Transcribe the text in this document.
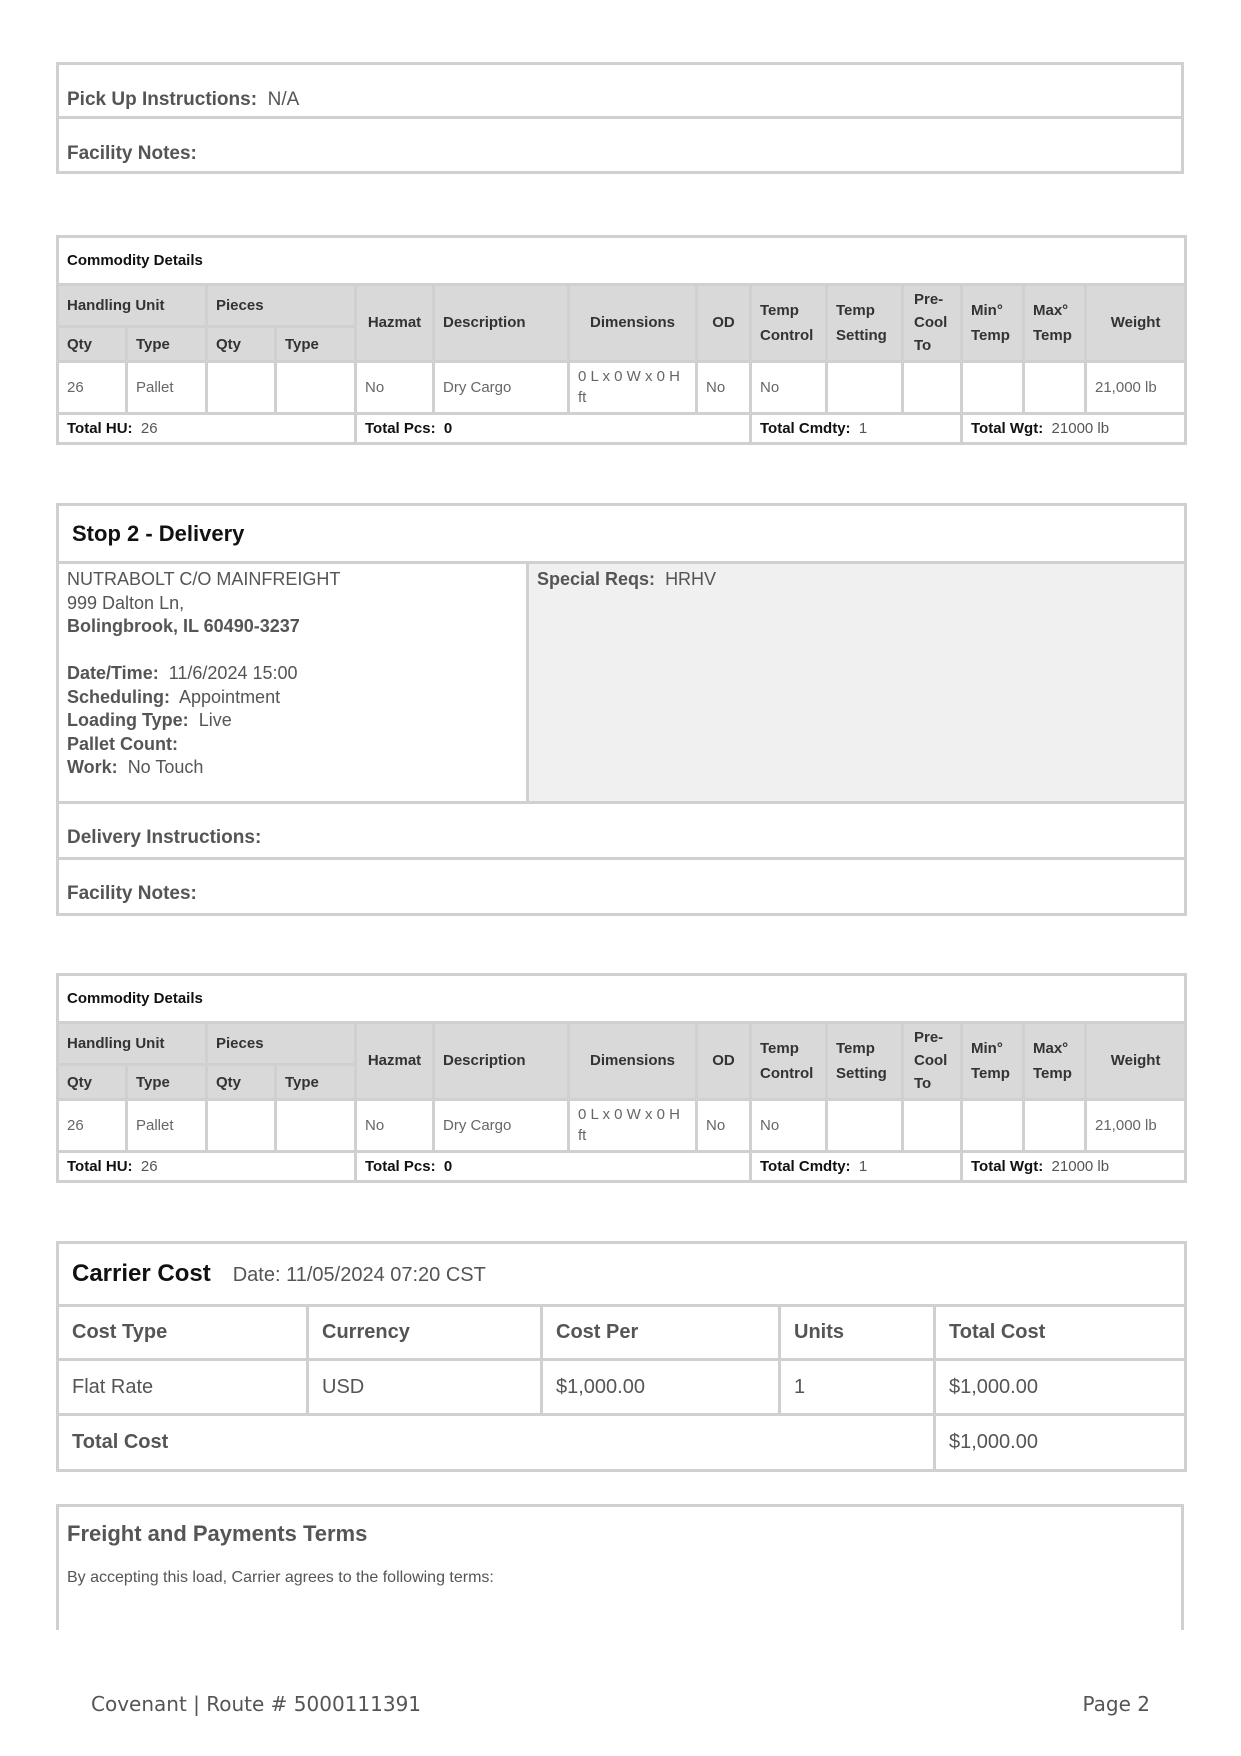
Pick Up Instructions: N/A
Facility Notes:
Commodity Details													
Handling Unit		Pieces		Hazmat	Description	Dimensions	OD	Temp Control	Temp Setting	Pre-Cool To	Min° Temp	Max° Temp	Weight
Qty	Type	Qty	Type										
26	Pallet			No	Dry Cargo	0 L x 0 W x 0 H ft	No	No					21,000 lb
Total HU: 26				Total Pcs: 0				Total Cmdty: 1			Total Wgt: 21000 lb		
Stop 2 - Delivery

NUTRABOLT C/O MAINFREIGHT
999 Dalton Ln,
Bolingbrook, IL 60490-3237
Date/Time: 11/6/2024 15:00
Scheduling: Appointment
Loading Type: Live
Pallet Count:
Work: No Touch
	Special Reqs: HRHV
Delivery Instructions:
Facility Notes:
Commodity Details													
Handling Unit		Pieces		Hazmat	Description	Dimensions	OD	Temp Control	Temp Setting	Pre-Cool To	Min° Temp	Max° Temp	Weight
Qty	Type	Qty	Type										
26	Pallet			No	Dry Cargo	0 L x 0 W x 0 H ft	No	No					21,000 lb
Total HU: 26				Total Pcs: 0				Total Cmdty: 1			Total Wgt: 21000 lb		
Carrier Cost Date: 11/05/2024 07:20 CST				
Cost Type	Currency	Cost Per	Units	Total Cost
Flat Rate	USD	$1,000.00	1	$1,000.00
Total Cost				$1,000.00
Freight and Payments Terms
By accepting this load, Carrier agrees to the following terms:
Covenant | Route # 5000111391	Page 2
